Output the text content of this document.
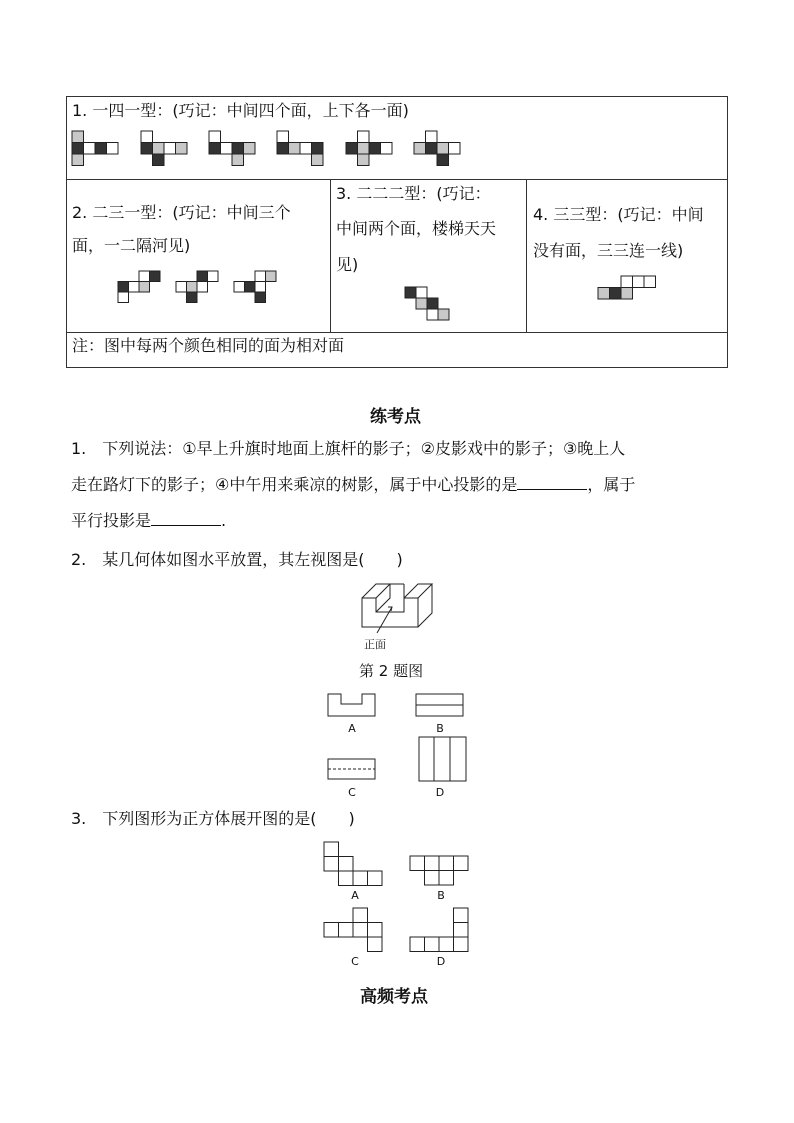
1. 一四一型：(巧记：中间四个面，上下各一面)
2. 二三一型：(巧记：中间三个
面，一二隔河见)
3. 二二二型：(巧记：
中间两个面，楼梯天天
见)
4. 三三型：(巧记：中间
没有面，三三连一线)
注：图中每两个颜色相同的面为相对面
练考点
1.　下列说法：①早上升旗时地面上旗杆的影子；②皮影戏中的影子；③晚上人
走在路灯下的影子；④中午用来乘凉的树影，属于中心投影的是	，属于
平行投影是	.
2.　某几何体如图水平放置，其左视图是(　　)
正面
第 2 题图
A	B
C	D
3.　下列图形为正方体展开图的是(　　)
A	B
C	D
高频考点
